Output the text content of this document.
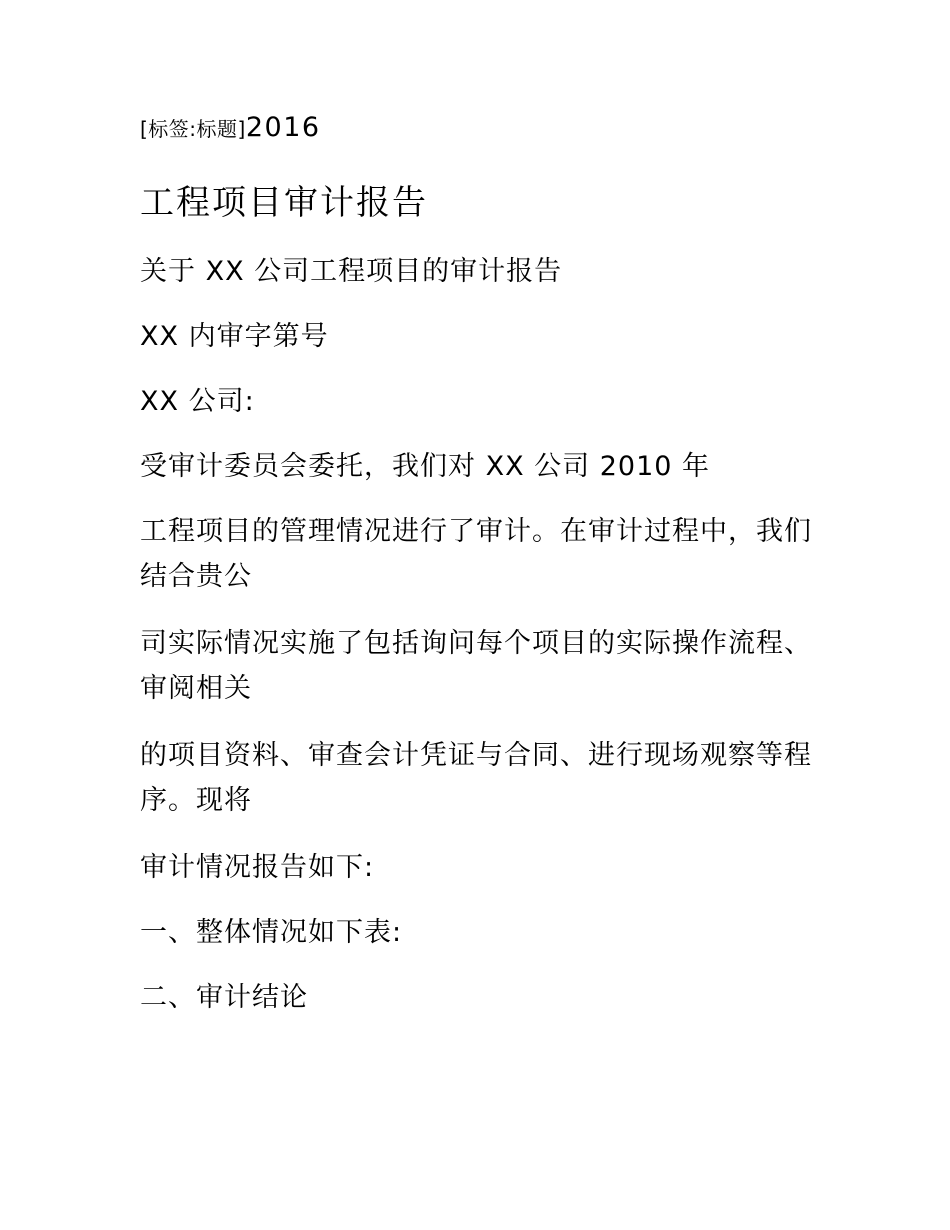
[标签:标题]2016

工程项目审计报告

关于 XX 公司工程项目的审计报告

XX 内审字第号

XX 公司:

受审计委员会委托，我们对 XX 公司 2010 年

工程项目的管理情况进行了审计。在审计过程中，我们结合贵公

司实际情况实施了包括询问每个项目的实际操作流程、审阅相关

的项目资料、审查会计凭证与合同、进行现场观察等程序。现将

审计情况报告如下:

一、整体情况如下表:

二、审计结论
